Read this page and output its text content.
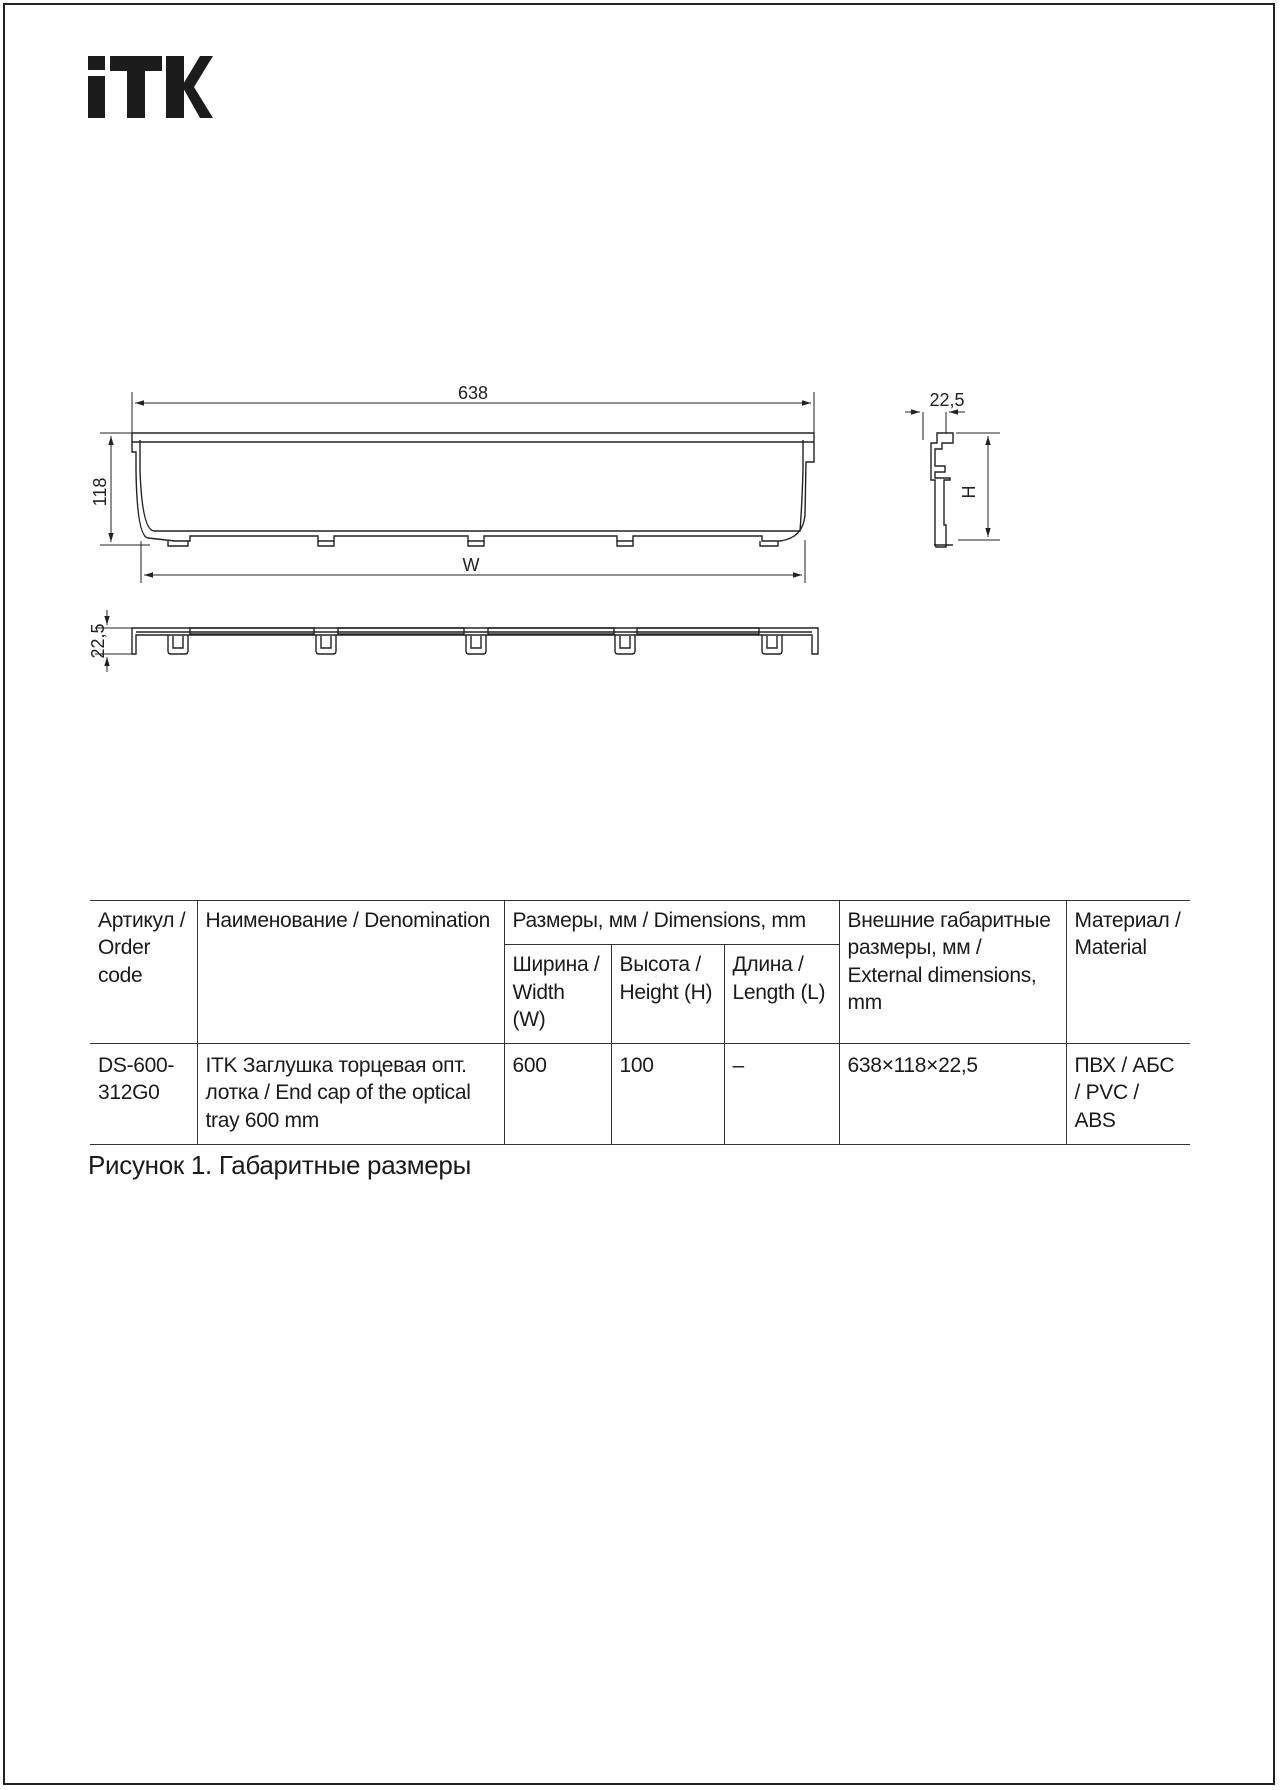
638
118
W
22,5
H
22,5
Артикул / Order code	Наименование / Denomination	Размеры, мм / Dimensions, mm			Внешние габаритные размеры, мм / External dimensions, mm	Материал / Material
		Ширина / Width (W)	Высота / Height (H)	Длина / Length (L)		
DS-600-312G0	ITK Заглушка торцевая опт. лотка / End cap of the optical tray 600 mm	600	100	–	638×118×22,5	ПВХ / АБС / PVC / ABS
Рисунок 1. Габаритные размеры
